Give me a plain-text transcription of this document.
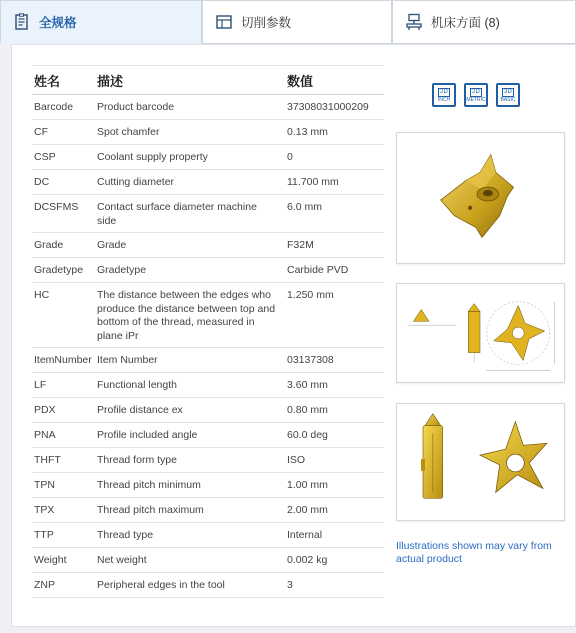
全规格	切削参数	机床方面 (8)
姓名	描述	数值
Barcode	Product barcode	37308031000209
CF	Spot chamfer	0.13 mm
CSP	Coolant supply property	0
DC	Cutting diameter	11.700 mm
DCSFMS	Contact surface diameter machine side	6.0 mm
Grade	Grade	F32M
Gradetype	Gradetype	Carbide PVD
HC	The distance between the edges who produce the distance between top and bottom of the thread, measured in plane iPr	1.250 mm
ItemNumber	Item Number	03137308
LF	Functional length	3.60 mm
PDX	Profile distance ex	0.80 mm
PNA	Profile included angle	60.0 deg
THFT	Thread form type	ISO
TPN	Thread pitch minimum	1.00 mm
TPX	Thread pitch maximum	2.00 mm
TTP	Thread type	Internal
Weight	Net weight	0.002 kg
ZNP	Peripheral edges in the tool	3
2D
INCH
2D
METRIC
3D
BASIC
Illustrations shown may vary from actual product
